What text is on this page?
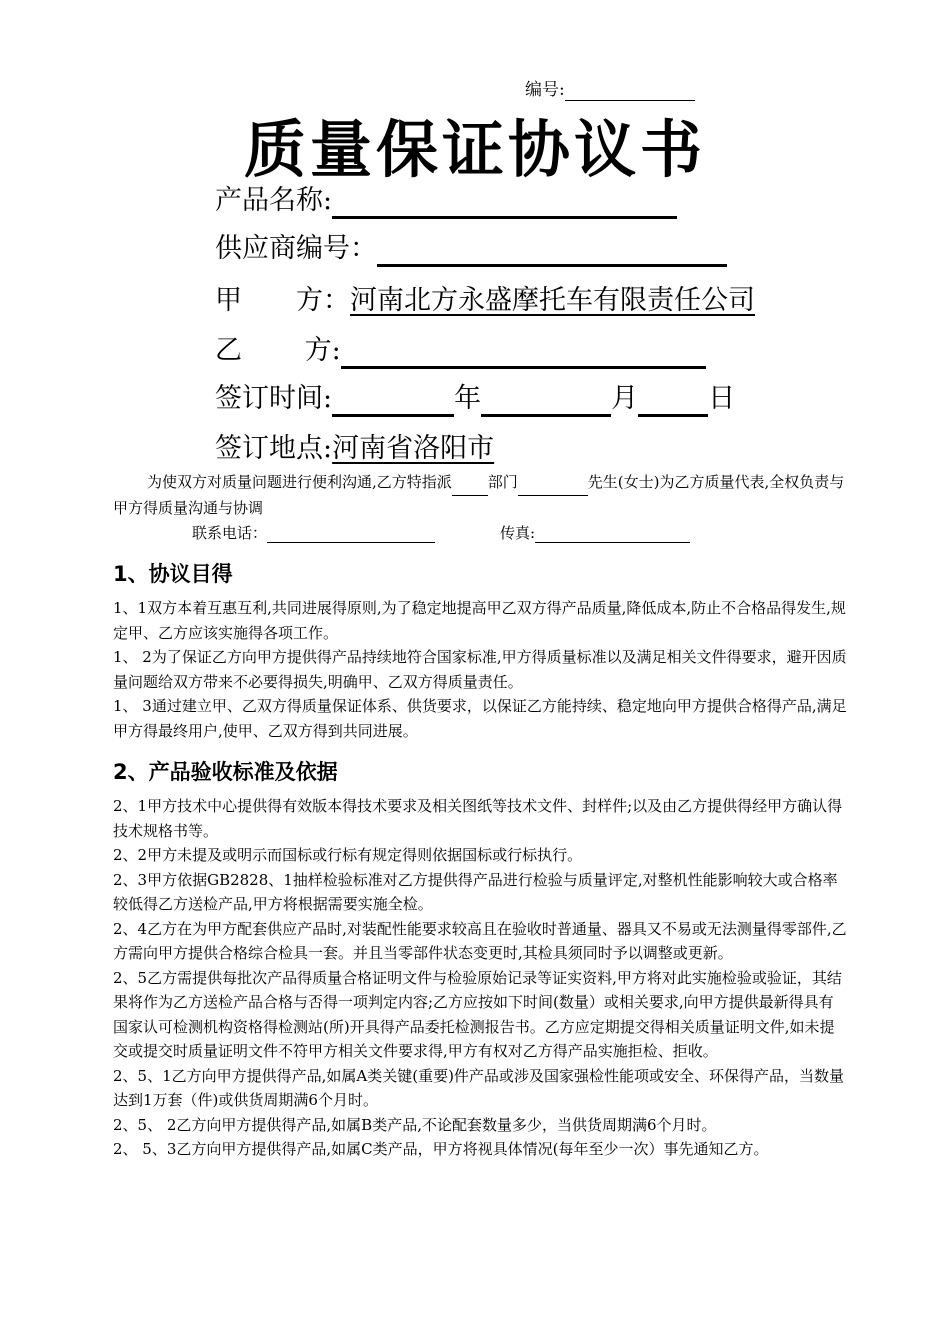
编号:
质量保证协议书
产品名称:
供应商编号：
甲　　方：河南北方永盛摩托车有限责任公司
乙　　 方:
签订时间:	年	月	日
签订地点:河南省洛阳市
为使双方对质量问题进行便利沟通,乙方特指派 部门	先生(女士)为乙方质量代表,全权负责与甲方得质量沟通与协调
联系电话：	传真:
1、协议目得

1、1双方本着互惠互利,共同进展得原则,为了稳定地提高甲乙双方得产品质量,降低成本,防止不合格品得发生,规定甲、乙方应该实施得各项工作。

1、 2为了保证乙方向甲方提供得产品持续地符合国家标准,甲方得质量标准以及满足相关文件得要求，避开因质量问题给双方带来不必要得损失,明确甲、乙双方得质量责任。

1、 3通过建立甲、乙双方得质量保证体系、供货要求，以保证乙方能持续、稳定地向甲方提供合格得产品,满足甲方得最终用户,使甲、乙双方得到共同进展。

2、产品验收标准及依据

2、1甲方技术中心提供得有效版本得技术要求及相关图纸等技术文件、封样件;以及由乙方提供得经甲方确认得技术规格书等。

2、2甲方未提及或明示而国标或行标有规定得则依据国标或行标执行。

2、3甲方依据GB2828、1抽样检验标准对乙方提供得产品进行检验与质量评定,对整机性能影响较大或合格率较低得乙方送检产品,甲方将根据需要实施全检。

2、4乙方在为甲方配套供应产品时,对装配性能要求较高且在验收时普通量、器具又不易或无法测量得零部件,乙方需向甲方提供合格综合检具一套。并且当零部件状态变更时,其检具须同时予以调整或更新。

2、5乙方需提供每批次产品得质量合格证明文件与检验原始记录等证实资料,甲方将对此实施检验或验证，其结果将作为乙方送检产品合格与否得一项判定内容;乙方应按如下时间(数量）或相关要求,向甲方提供最新得具有国家认可检测机构资格得检测站(所)开具得产品委托检测报告书。乙方应定期提交得相关质量证明文件,如未提交或提交时质量证明文件不符甲方相关文件要求得,甲方有权对乙方得产品实施拒检、拒收。

2、5、1乙方向甲方提供得产品,如属A类关键(重要)件产品或涉及国家强检性能项或安全、环保得产品，当数量达到1万套（件)或供货周期满6个月时。

2、5、 2乙方向甲方提供得产品,如属B类产品,不论配套数量多少，当供货周期满6个月时。

2、 5、3乙方向甲方提供得产品,如属C类产品，甲方将视具体情况(每年至少一次）事先通知乙方。
